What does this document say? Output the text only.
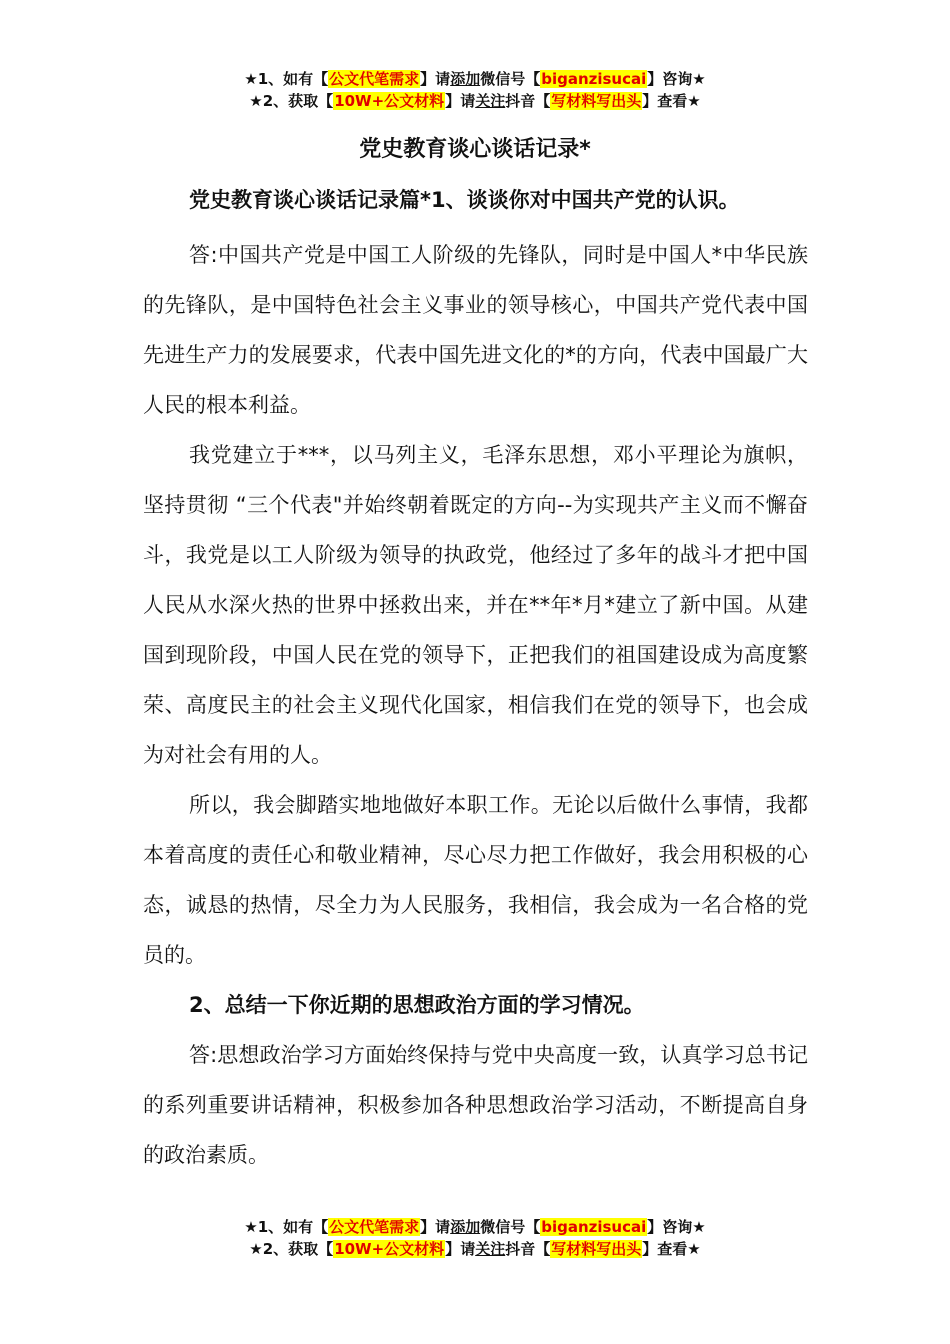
★1、如有【公文代笔需求】请添加微信号【biganzisucai】咨询★
★2、获取【10W+公文材料】请关注抖音【写材料写出头】查看★
党史教育谈心谈话记录*
党史教育谈心谈话记录篇*1、谈谈你对中国共产党的认识。

答:中国共产党是中国工人阶级的先锋队，同时是中国人*中华民族的先锋队，是中国特色社会主义事业的领导核心，中国共产党代表中国先进生产力的发展要求，代表中国先进文化的*的方向，代表中国最广大人民的根本利益。

我党建立于***，以马列主义，毛泽东思想，邓小平理论为旗帜，坚持贯彻 “三个代表"并始终朝着既定的方向--为实现共产主义而不懈奋斗，我党是以工人阶级为领导的执政党，他经过了多年的战斗才把中国人民从水深火热的世界中拯救出来，并在**年*月*建立了新中国。从建国到现阶段，中国人民在党的领导下，正把我们的祖国建设成为高度繁荣、高度民主的社会主义现代化国家，相信我们在党的领导下，也会成为对社会有用的人。

所以，我会脚踏实地地做好本职工作。无论以后做什么事情，我都本着高度的责任心和敬业精神，尽心尽力把工作做好，我会用积极的心态，诚恳的热情，尽全力为人民服务，我相信，我会成为一名合格的党员的。

2、总结一下你近期的思想政治方面的学习情况。

答:思想政治学习方面始终保持与党中央高度一致，认真学习总书记的系列重要讲话精神，积极参加各种思想政治学习活动，不断提高自身的政治素质。

★1、如有【公文代笔需求】请添加微信号【biganzisucai】咨询★
★2、获取【10W+公文材料】请关注抖音【写材料写出头】查看★
